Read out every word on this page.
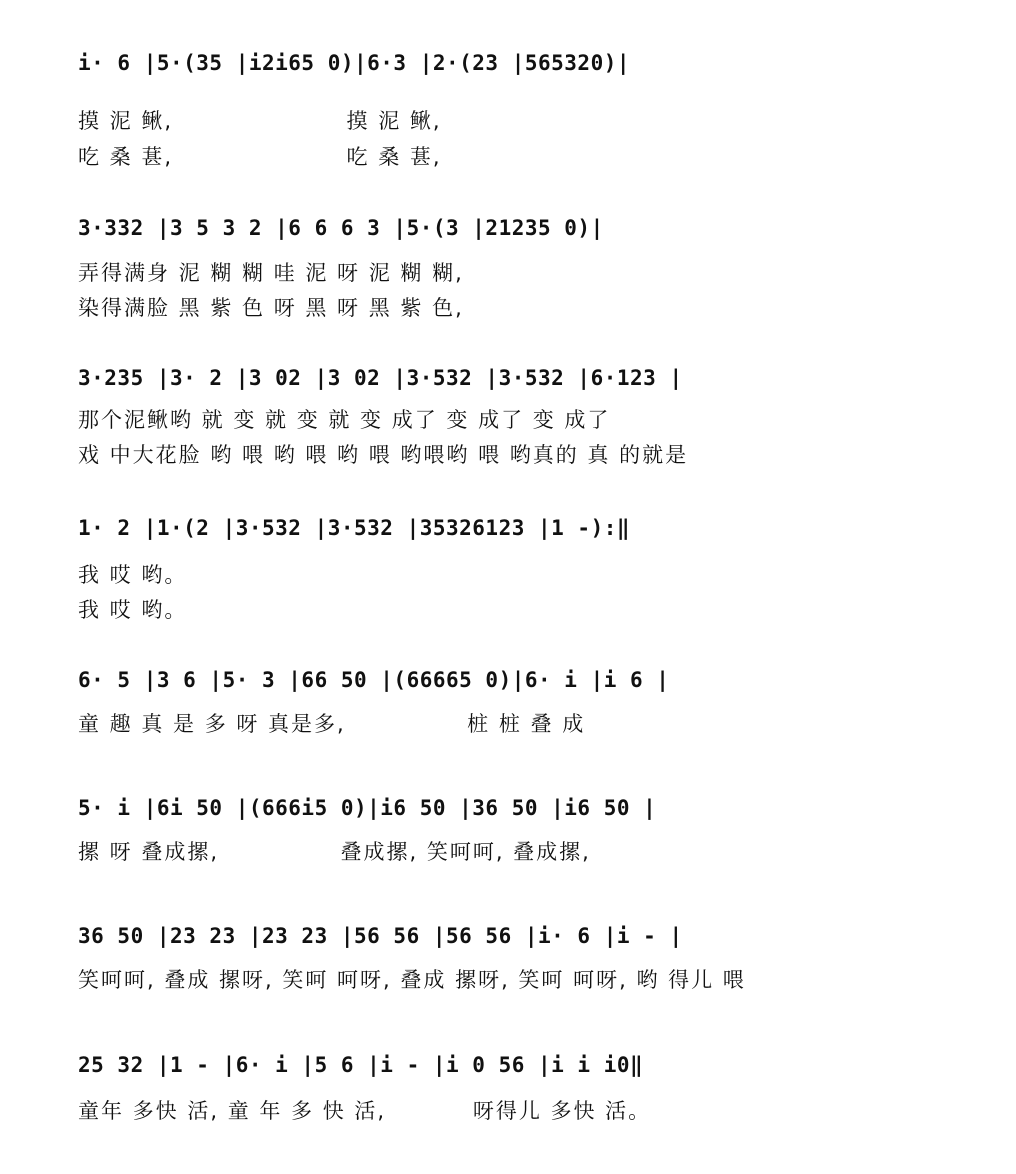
i· 6 |5·(35 |i2i65 0)|6·3 |2·(23 |565320)|
摸 泥 鳅,                    摸 泥 鳅,
吃 桑 葚,                    吃 桑 葚,
3·332 |3 5 3 2 |6 6 6 3 |5·(3 |21235 0)|
弄得满身 泥 糊 糊 哇 泥 呀 泥 糊 糊,
染得满脸 黑 紫 色 呀 黑 呀 黑 紫 色,
3·235 |3· 2 |3 02 |3 02 |3·532 |3·532 |6·123 |
那个泥鳅哟 就 变 就 变 就 变 成了 变 成了 变 成了
戏 中大花脸 哟 喂 哟 喂 哟 喂 哟喂哟 喂 哟真的 真 的就是
1· 2 |1·(2 |3·532 |3·532 |35326123 |1 -):‖
我 哎 哟。
我 哎 哟。
6· 5 |3 6 |5· 3 |66 50 |(66665 0)|6· i |i 6 |
童 趣 真 是 多 呀 真是多,              桩 桩 叠 成
5· i |6i 50 |(666i5 0)|i6 50 |36 50 |i6 50 |
摞 呀 叠成摞,              叠成摞, 笑呵呵, 叠成摞,
36 50 |23 23 |23 23 |56 56 |56 56 |i· 6 |i - |
笑呵呵, 叠成 摞呀, 笑呵 呵呀, 叠成 摞呀, 笑呵 呵呀, 哟 得儿 喂
25 32 |1 - |6· i |5 6 |i - |i 0 56 |i i i0‖
童年 多快 活, 童 年 多 快 活,          呀得儿 多快 活。
